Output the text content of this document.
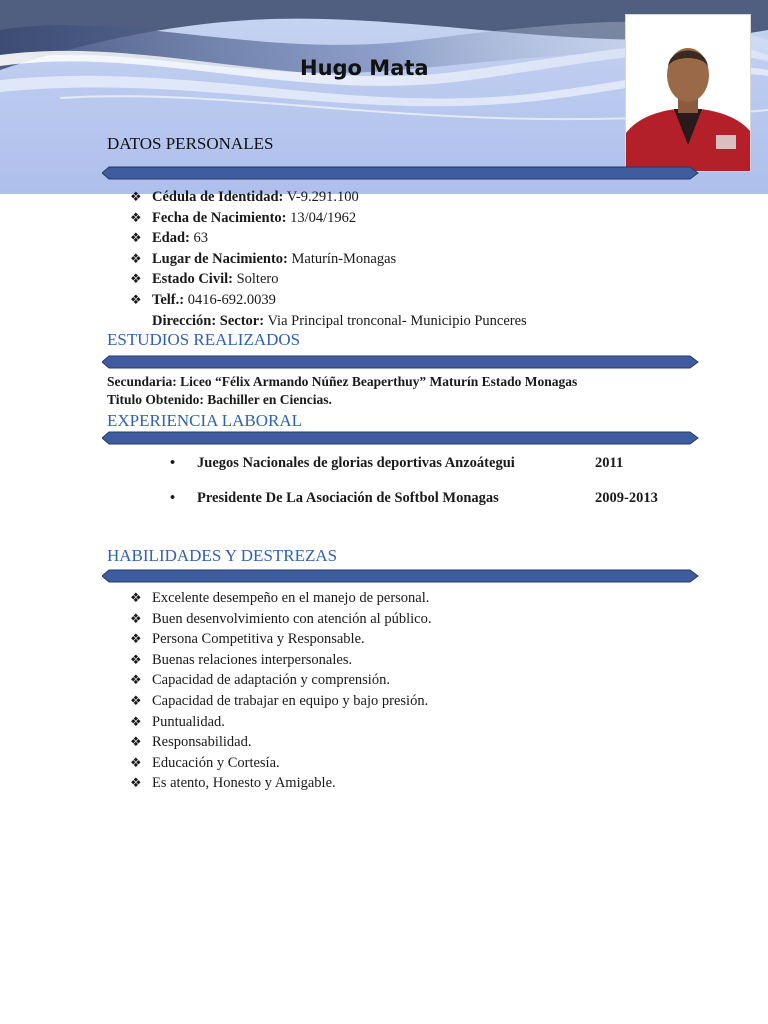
Hugo Mata
DATOS PERSONALES
❖ Cédula de Identidad: V-9.291.100
❖ Fecha de Nacimiento: 13/04/1962
❖ Edad: 63
❖ Lugar de Nacimiento: Maturín-Monagas
❖ Estado Civil: Soltero
❖ Telf.: 0416-692.0039
Dirección: Sector: Via Principal tronconal- Municipio Punceres
ESTUDIOS REALIZADOS
Secundaria: Liceo “Félix Armando Núñez Beaperthuy” Maturín Estado Monagas
Titulo Obtenido: Bachiller en Ciencias.
EXPERIENCIA LABORAL
• Juegos Nacionales de glorias deportivas Anzoátegui	2011
• Presidente De La Asociación de Softbol Monagas	2009-2013
HABILIDADES Y DESTREZAS
❖ Excelente desempeño en el manejo de personal.
❖ Buen desenvolvimiento con atención al público.
❖ Persona Competitiva y Responsable.
❖ Buenas relaciones interpersonales.
❖ Capacidad de adaptación y comprensión.
❖ Capacidad de trabajar en equipo y bajo presión.
❖ Puntualidad.
❖ Responsabilidad.
❖ Educación y Cortesía.
❖ Es atento, Honesto y Amigable.
